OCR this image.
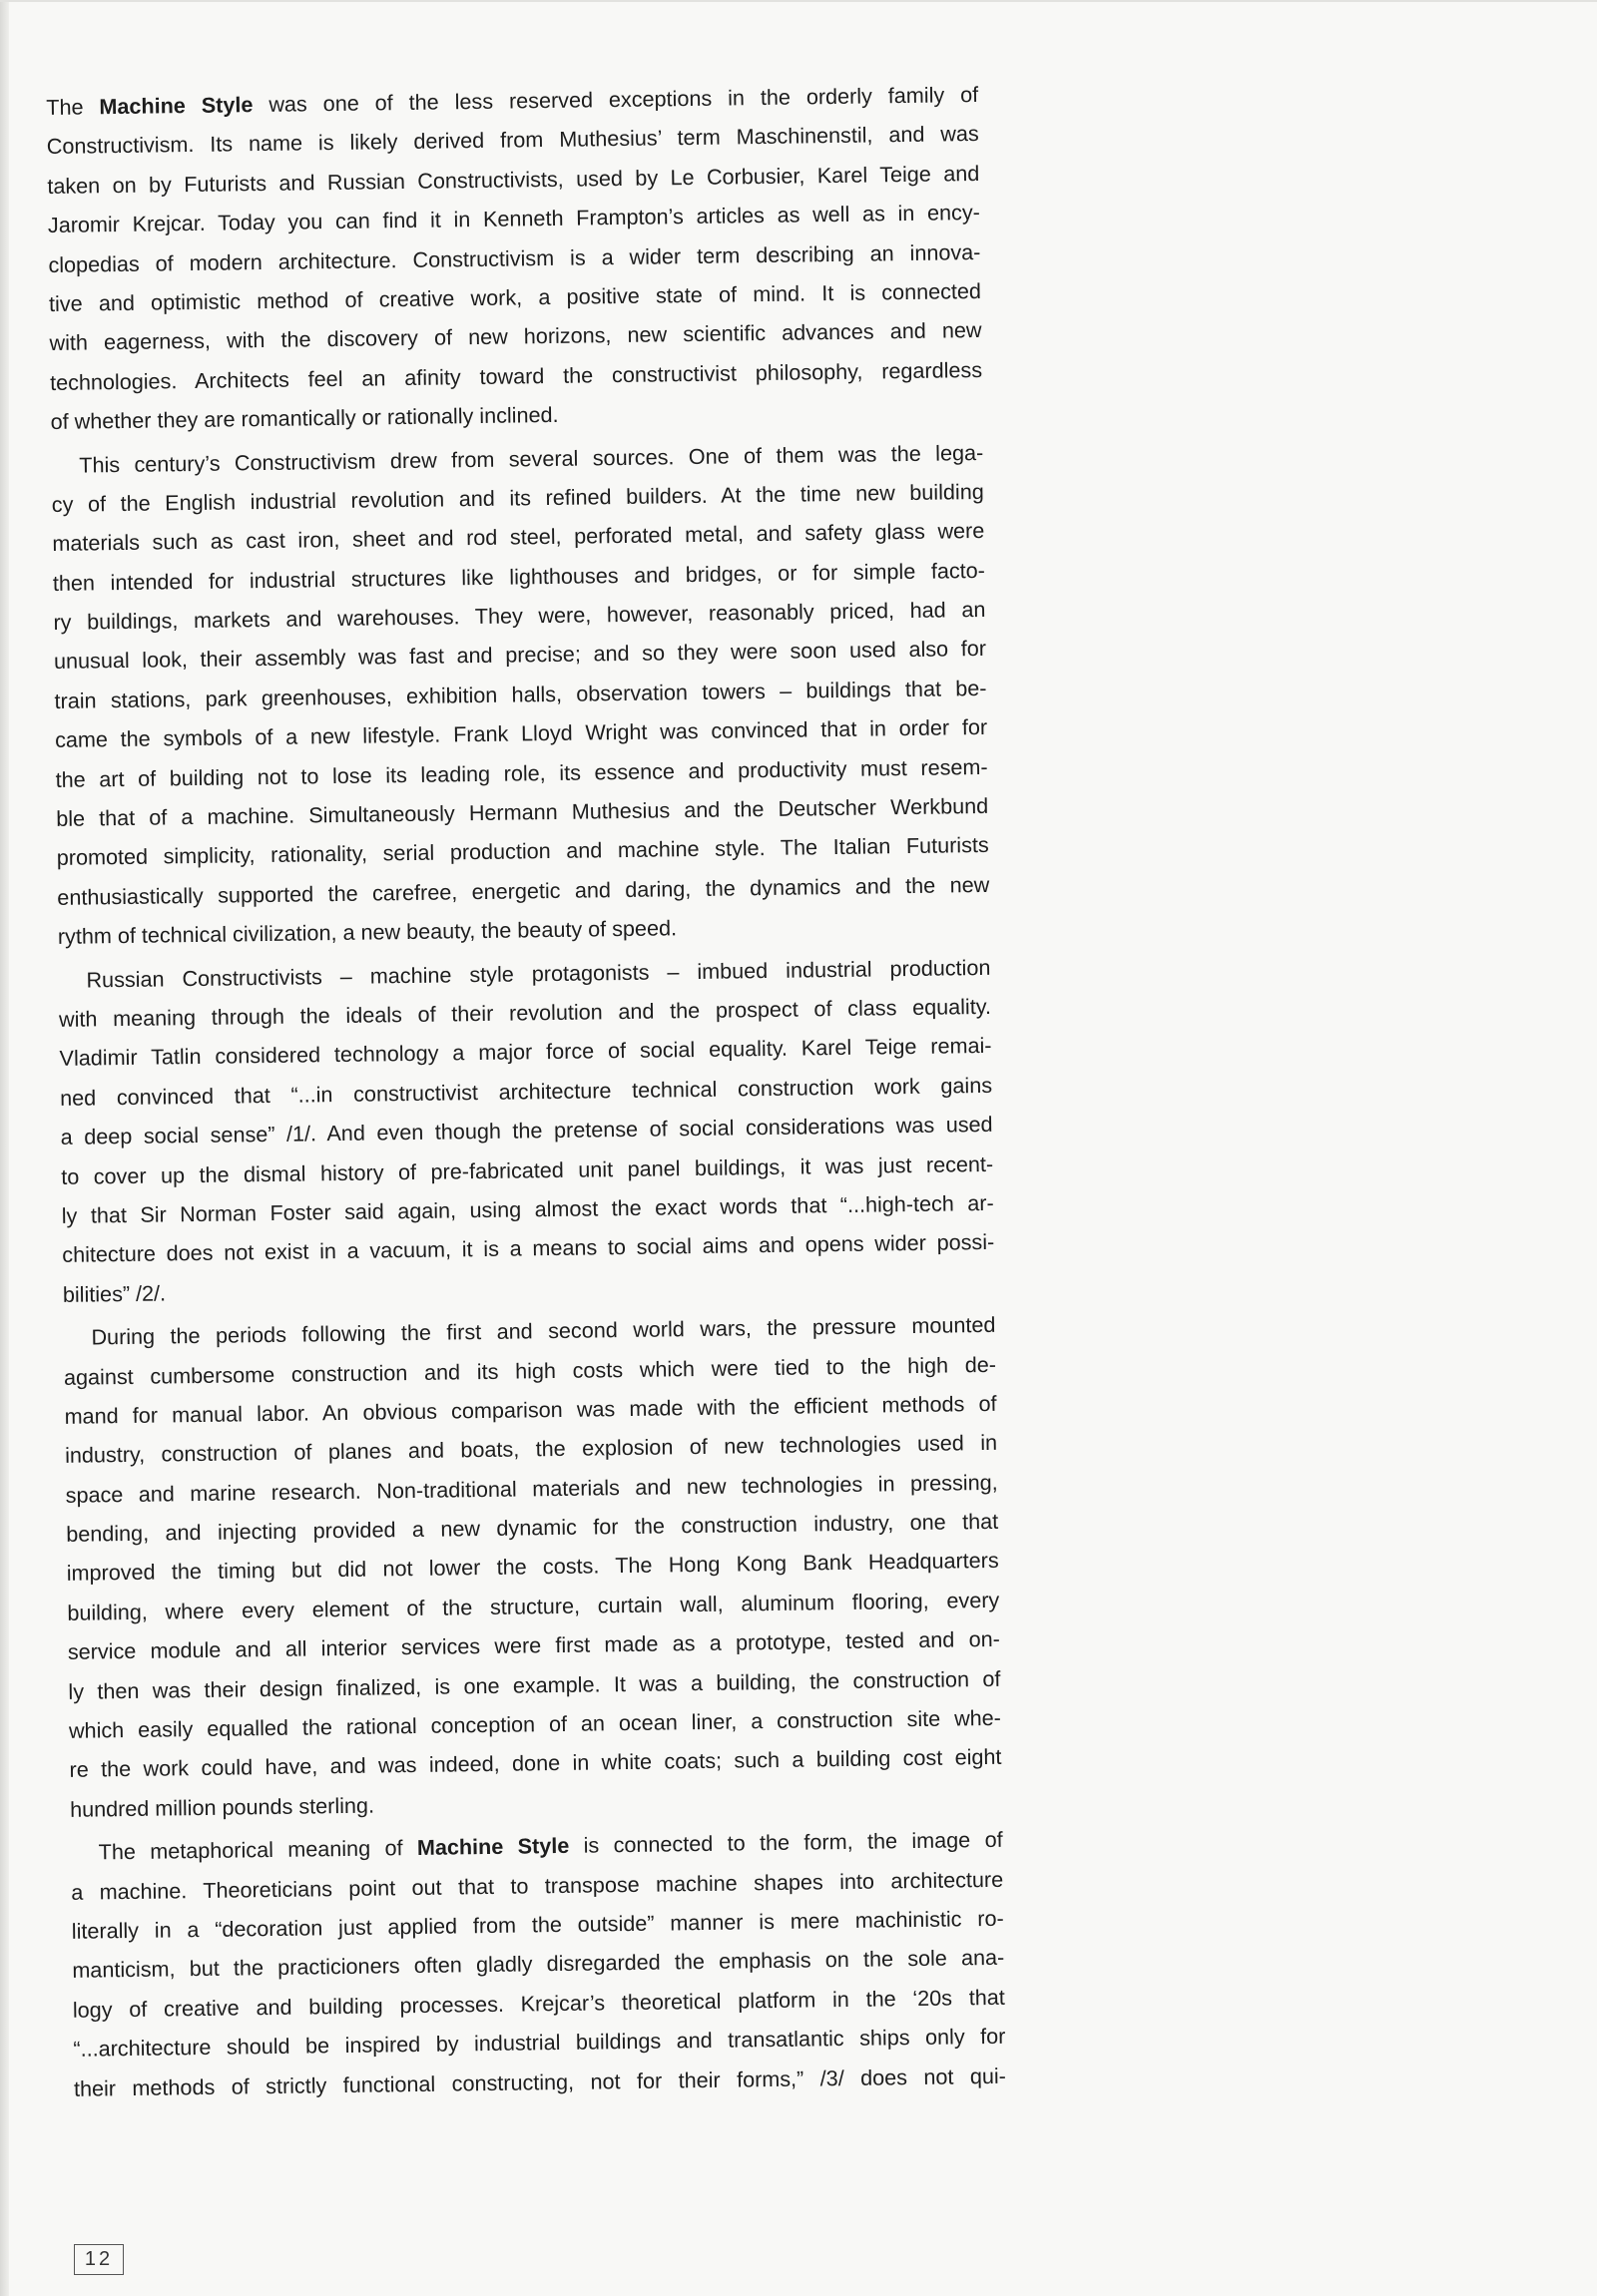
The Machine Style was one of the less reserved exceptions in the orderly family of
Constructivism. Its name is likely derived from Muthesius’ term Maschinenstil, and was
taken on by Futurists and Russian Constructivists, used by Le Corbusier, Karel Teige and
Jaromir Krejcar. Today you can find it in Kenneth Frampton’s articles as well as in ency-
clopedias of modern architecture. Constructivism is a wider term describing an innova-
tive and optimistic method of creative work, a positive state of mind. It is connected
with eagerness, with the discovery of new horizons, new scientific advances and new
technologies. Architects feel an afinity toward the constructivist philosophy, regardless
of whether they are romantically or rationally inclined.
This century’s Constructivism drew from several sources. One of them was the lega-
cy of the English industrial revolution and its refined builders. At the time new building
materials such as cast iron, sheet and rod steel, perforated metal, and safety glass were
then intended for industrial structures like lighthouses and bridges, or for simple facto-
ry buildings, markets and warehouses. They were, however, reasonably priced, had an
unusual look, their assembly was fast and precise; and so they were soon used also for
train stations, park greenhouses, exhibition halls, observation towers – buildings that be-
came the symbols of a new lifestyle. Frank Lloyd Wright was convinced that in order for
the art of building not to lose its leading role, its essence and productivity must resem-
ble that of a machine. Simultaneously Hermann Muthesius and the Deutscher Werkbund
promoted simplicity, rationality, serial production and machine style. The Italian Futurists
enthusiastically supported the carefree, energetic and daring, the dynamics and the new
rythm of technical civilization, a new beauty, the beauty of speed.
Russian Constructivists – machine style protagonists – imbued industrial production
with meaning through the ideals of their revolution and the prospect of class equality.
Vladimir Tatlin considered technology a major force of social equality. Karel Teige remai-
ned convinced that “...in constructivist architecture technical construction work gains
a deep social sense” /1/. And even though the pretense of social considerations was used
to cover up the dismal history of pre-fabricated unit panel buildings, it was just recent-
ly that Sir Norman Foster said again, using almost the exact words that “...high-tech ar-
chitecture does not exist in a vacuum, it is a means to social aims and opens wider possi-
bilities” /2/.
During the periods following the first and second world wars, the pressure mounted
against cumbersome construction and its high costs which were tied to the high de-
mand for manual labor. An obvious comparison was made with the efficient methods of
industry, construction of planes and boats, the explosion of new technologies used in
space and marine research. Non-traditional materials and new technologies in pressing,
bending, and injecting provided a new dynamic for the construction industry, one that
improved the timing but did not lower the costs. The Hong Kong Bank Headquarters
building, where every element of the structure, curtain wall, aluminum flooring, every
service module and all interior services were first made as a prototype, tested and on-
ly then was their design finalized, is one example. It was a building, the construction of
which easily equalled the rational conception of an ocean liner, a construction site whe-
re the work could have, and was indeed, done in white coats; such a building cost eight
hundred million pounds sterling.
The metaphorical meaning of Machine Style is connected to the form, the image of
a machine. Theoreticians point out that to transpose machine shapes into architecture
literally in a “decoration just applied from the outside” manner is mere machinistic ro-
manticism, but the practicioners often gladly disregarded the emphasis on the sole ana-
logy of creative and building processes. Krejcar’s theoretical platform in the ‘20s that
“...architecture should be inspired by industrial buildings and transatlantic ships only for
their methods of strictly functional constructing, not for their forms,” /3/ does not qui-
12
